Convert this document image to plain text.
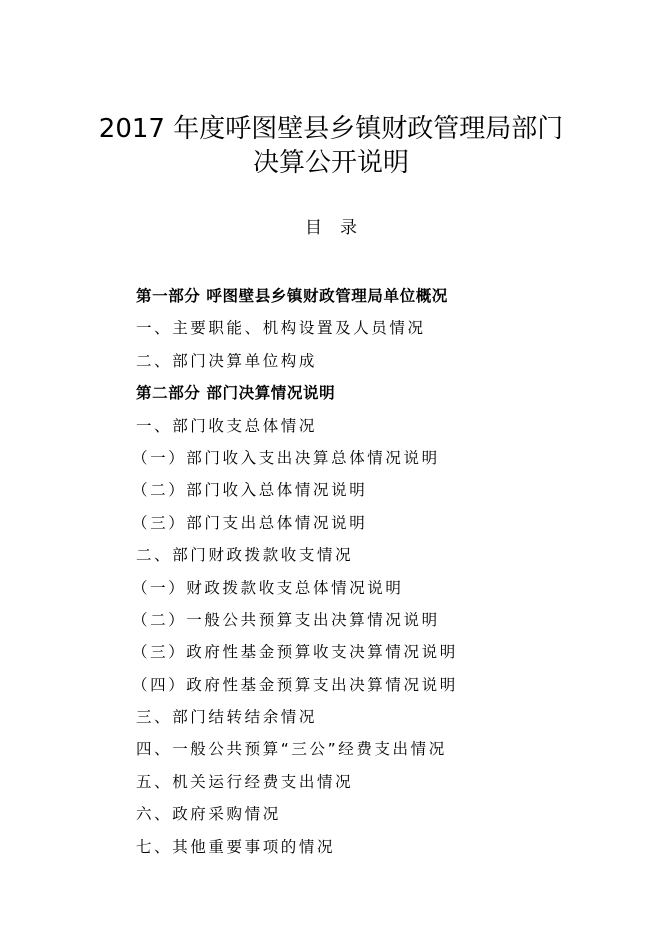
2017 年度呼图壁县乡镇财政管理局部门
决算公开说明
目录
第一部分 呼图壁县乡镇财政管理局单位概况
一、主要职能、机构设置及人员情况
二、部门决算单位构成
第二部分 部门决算情况说明
一、部门收支总体情况
（一）部门收入支出决算总体情况说明
（二）部门收入总体情况说明
（三）部门支出总体情况说明
二、部门财政拨款收支情况
（一）财政拨款收支总体情况说明
（二）一般公共预算支出决算情况说明
（三）政府性基金预算收支决算情况说明
（四）政府性基金预算支出决算情况说明
三、部门结转结余情况
四、一般公共预算“三公”经费支出情况
五、机关运行经费支出情况
六、政府采购情况
七、其他重要事项的情况
